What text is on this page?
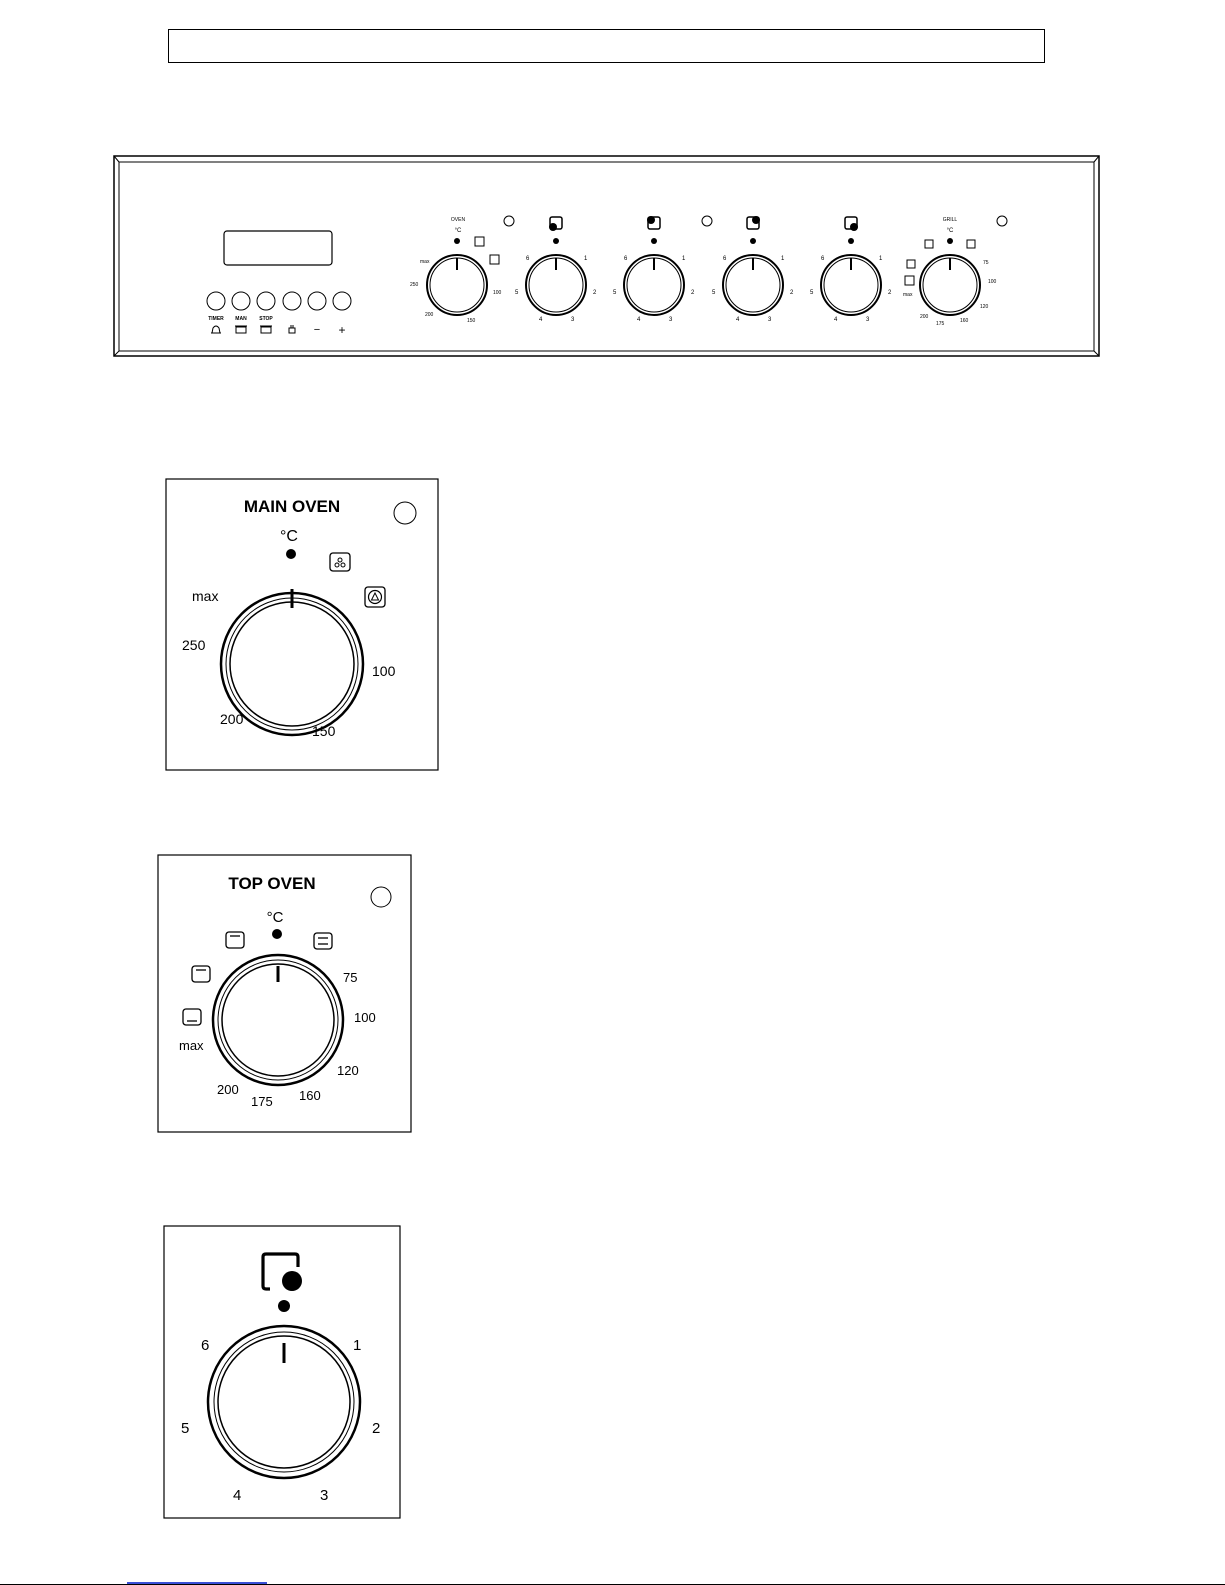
TIMER MAN	STOP
− +
OVEN
°C
max
250
200
150
100
6	1
5	2
4	3
6	1
5	2
4	3
6	1
5	2
4	3
6	1
5	2
4	3
GRILL
°C
75
100
120
160
175
200
max
MAIN OVEN
°C
max
250
200
150
100
TOP OVEN
°C
75
100
120
160
175
200
max
6	1
5	2
4	3
